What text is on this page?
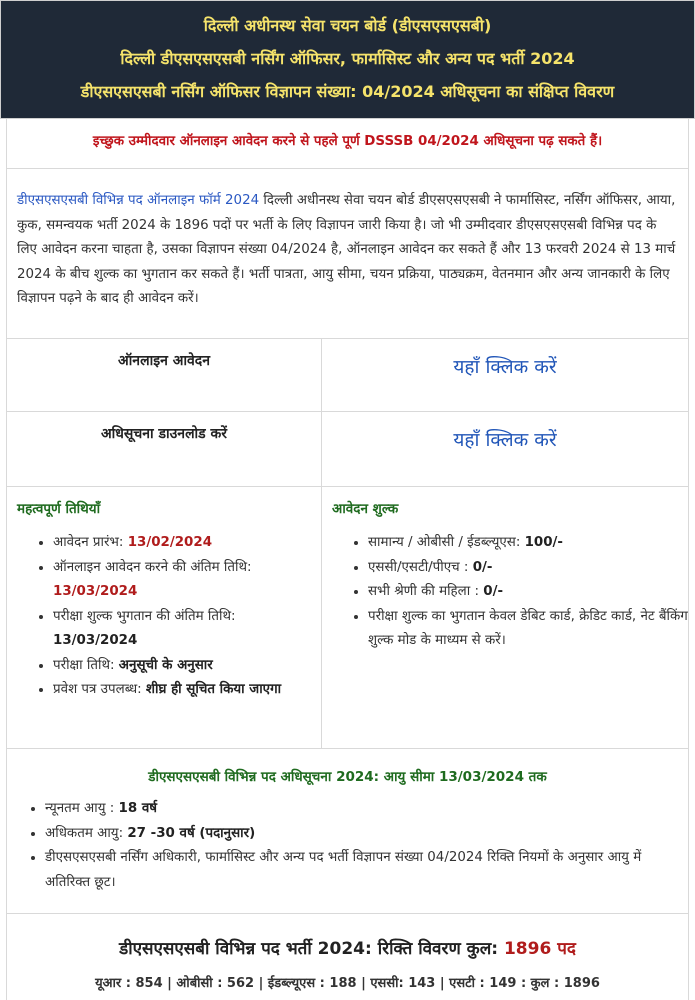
दिल्ली अधीनस्थ सेवा चयन बोर्ड (डीएसएसएसबी)
दिल्ली डीएसएसएसबी नर्सिंग ऑफिसर, फार्मासिस्ट और अन्य पद भर्ती 2024
डीएसएसएसबी नर्सिंग ऑफिसर विज्ञापन संख्या: 04/2024 अधिसूचना का संक्षिप्त विवरण
इच्छुक उम्मीदवार ऑनलाइन आवेदन करने से पहले पूर्ण DSSSB 04/2024 अधिसूचना पढ़ सकते हैं।
डीएसएसएसबी विभिन्न पद ऑनलाइन फॉर्म 2024 दिल्ली अधीनस्थ सेवा चयन बोर्ड डीएसएसएसबी ने फार्मासिस्ट, नर्सिंग ऑफिसर, आया, कुक, समन्वयक भर्ती 2024 के 1896 पदों पर भर्ती के लिए विज्ञापन जारी किया है। जो भी उम्मीदवार डीएसएसएसबी विभिन्न पद के लिए आवेदन करना चाहता है, उसका विज्ञापन संख्या 04/2024 है, ऑनलाइन आवेदन कर सकते हैं और 13 फरवरी 2024 से 13 मार्च 2024 के बीच शुल्क का भुगतान कर सकते हैं। भर्ती पात्रता, आयु सीमा, चयन प्रक्रिया, पाठ्यक्रम, वेतनमान और अन्य जानकारी के लिए विज्ञापन पढ़ने के बाद ही आवेदन करें।
ऑनलाइन आवेदन	यहाँ क्लिक करें
अधिसूचना डाउनलोड करें	यहाँ क्लिक करें
महत्वपूर्ण तिथियाँ
• आवेदन प्रारंभ: 13/02/2024
• ऑनलाइन आवेदन करने की अंतिम तिथि:
13/03/2024
• परीक्षा शुल्क भुगतान की अंतिम तिथि:
13/03/2024
• परीक्षा तिथि: अनुसूची के अनुसार
• प्रवेश पत्र उपलब्ध: शीघ्र ही सूचित किया जाएगा
आवेदन शुल्क
• सामान्य / ओबीसी / ईडब्ल्यूएस: 100/-
• एससी/एसटी/पीएच : 0/-
• सभी श्रेणी की महिला : 0/-
• परीक्षा शुल्क का भुगतान केवल डेबिट कार्ड, क्रेडिट कार्ड, नेट बैंकिंग शुल्क मोड के माध्यम से करें।
डीएसएसएसबी विभिन्न पद अधिसूचना 2024: आयु सीमा 13/03/2024 तक
• न्यूनतम आयु : 18 वर्ष
• अधिकतम आयु: 27 -30 वर्ष (पदानुसार)
• डीएसएसएसबी नर्सिंग अधिकारी, फार्मासिस्ट और अन्य पद भर्ती विज्ञापन संख्या 04/2024 रिक्ति नियमों के अनुसार आयु में अतिरिक्त छूट।
डीएसएसएसबी विभिन्न पद भर्ती 2024: रिक्ति विवरण कुल: 1896 पद
यूआर : 854 | ओबीसी : 562 | ईडब्ल्यूएस : 188 | एससी: 143 | एसटी : 149 : कुल : 1896
